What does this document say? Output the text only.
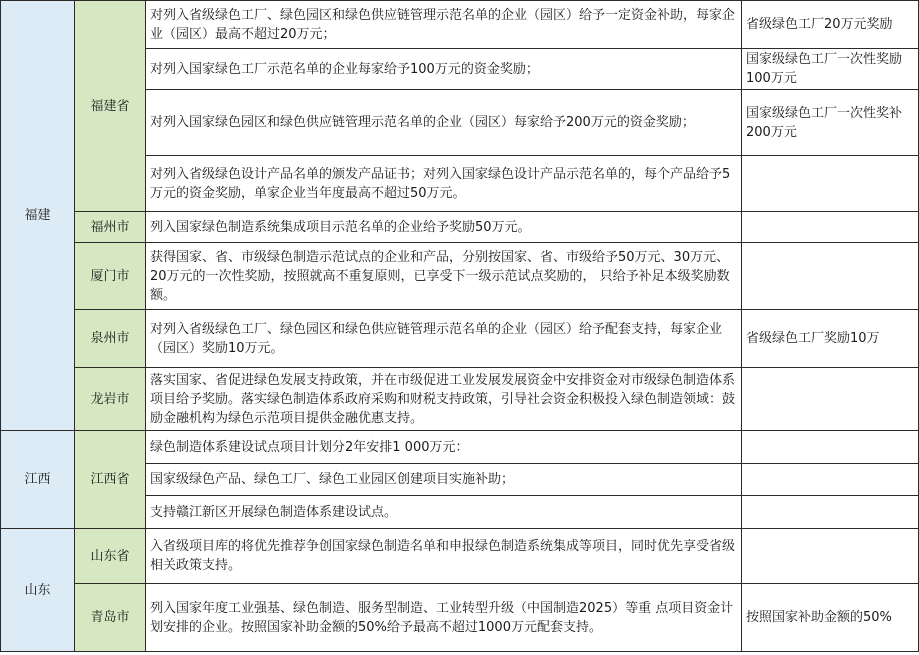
福建	福建省	对列入省级绿色工厂、绿色园区和绿色供应链管理示范名单的企业（园区）给予一定资金补助，每家企业（园区）最高不超过20万元；	省级绿色工厂20万元奖励
		对列入国家绿色工厂示范名单的企业每家给予100万元的资金奖励；	国家级绿色工厂一次性奖励100万元
		对列入国家绿色园区和绿色供应链管理示范名单的企业（园区）每家给予200万元的资金奖励；	国家级绿色工厂一次性奖补200万元
		对列入省级绿色设计产品名单的颁发产品证书；对列入国家绿色设计产品示范名单的，每个产品给予5万元的资金奖励，单家企业当年度最高不超过50万元。	
	福州市	列入国家绿色制造系统集成项目示范名单的企业给予奖励50万元。	
	厦门市	获得国家、省、市级绿色制造示范试点的企业和产品，分别按国家、省、市级给予50万元、30万元、20万元的一次性奖励，按照就高不重复原则，已享受下一级示范试点奖励的， 只给予补足本级奖励数额。	
	泉州市	对列入省级绿色工厂、绿色园区和绿色供应链管理示范名单的企业（园区）给予配套支持，每家企业（园区）奖励10万元。	省级绿色工厂奖励10万
	龙岩市	落实国家、省促进绿色发展支持政策，并在市级促进工业发展发展资金中安排资金对市级绿色制造体系项目给予奖励。落实绿色制造体系政府采购和财税支持政策，引导社会资金积极投入绿色制造领域：鼓励金融机构为绿色示范项目提供金融优惠支持。	
江西	江西省	绿色制造体系建设试点项目计划分2年安排1 000万元：	
		国家级绿色产品、绿色工厂、绿色工业园区创建项目实施补助；	
		支持赣江新区开展绿色制造体系建设试点。	
山东	山东省	入省级项目库的将优先推荐争创国家绿色制造名单和申报绿色制造系统集成等项目，同时优先享受省级相关政策支持。	
	青岛市	列入国家年度工业强基、绿色制造、服务型制造、工业转型升级（中国制造2025）等重 点项目资金计划安排的企业。按照国家补助金额的50%给予最高不超过1000万元配套支持。	按照国家补助金额的50%
